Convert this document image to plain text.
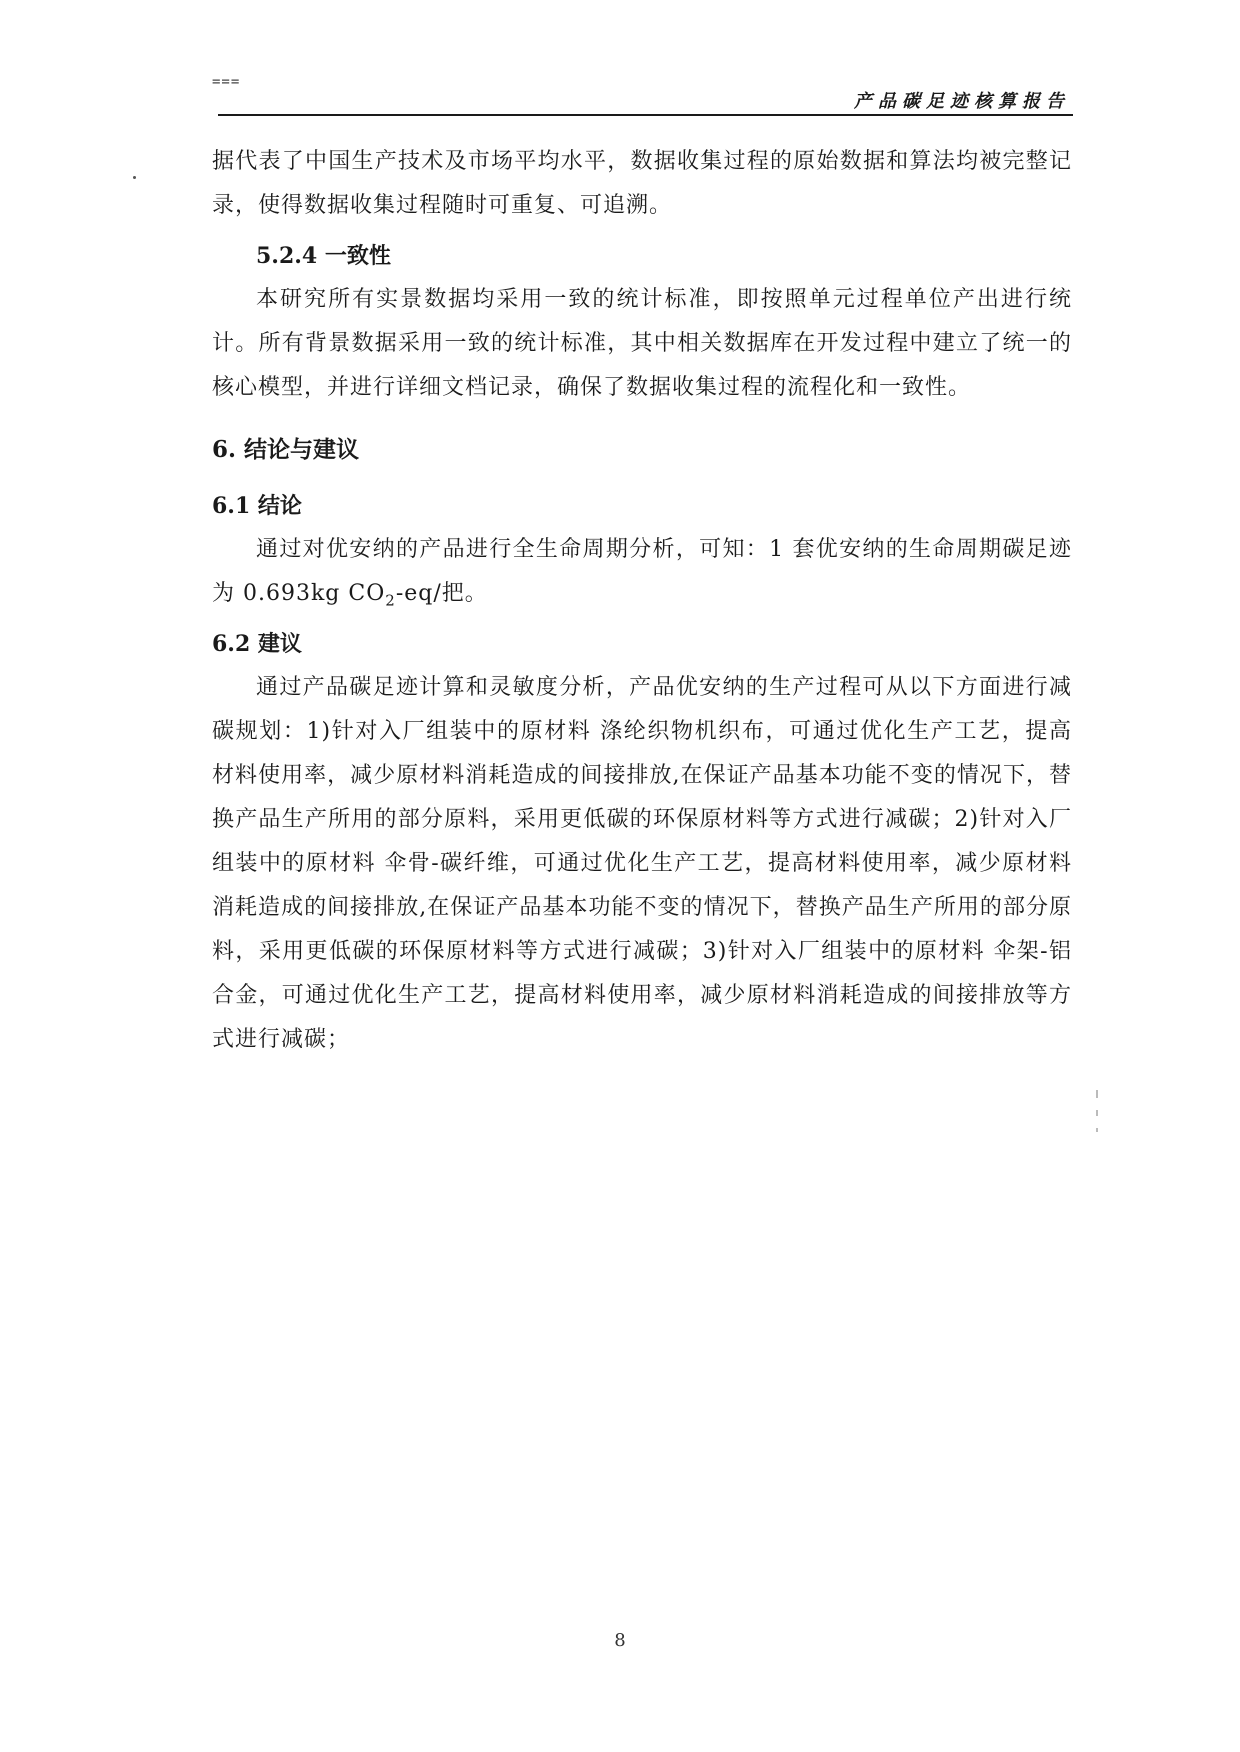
===
产品碳足迹核算报告

据代表了中国生产技术及市场平均水平，数据收集过程的原始数据和算法均被完整记录，使得数据收集过程随时可重复、可追溯。

5.2.4 一致性

本研究所有实景数据均采用一致的统计标准，即按照单元过程单位产出进行统计。所有背景数据采用一致的统计标准，其中相关数据库在开发过程中建立了统一的核心模型，并进行详细文档记录，确保了数据收集过程的流程化和一致性。

6. 结论与建议
6.1 结论

通过对优安纳的产品进行全生命周期分析，可知：1 套优安纳的生命周期碳足迹为 0.693kg $CO_2-eq/$把。

6.2 建议

通过产品碳足迹计算和灵敏度分析，产品优安纳的生产过程可从以下方面进行减碳规划：1)针对入厂组装中的原材料 涤纶织物机织布，可通过优化生产工艺，提高材料使用率，减少原材料消耗造成的间接排放,在保证产品基本功能不变的情况下，替换产品生产所用的部分原料，采用更低碳的环保原材料等方式进行减碳；2)针对入厂组装中的原材料 伞骨-碳纤维，可通过优化生产工艺，提高材料使用率，减少原材料消耗造成的间接排放,在保证产品基本功能不变的情况下，替换产品生产所用的部分原料，采用更低碳的环保原材料等方式进行减碳；3)针对入厂组装中的原材料 伞架-铝合金，可通过优化生产工艺，提高材料使用率，减少原材料消耗造成的间接排放等方式进行减碳；

8
